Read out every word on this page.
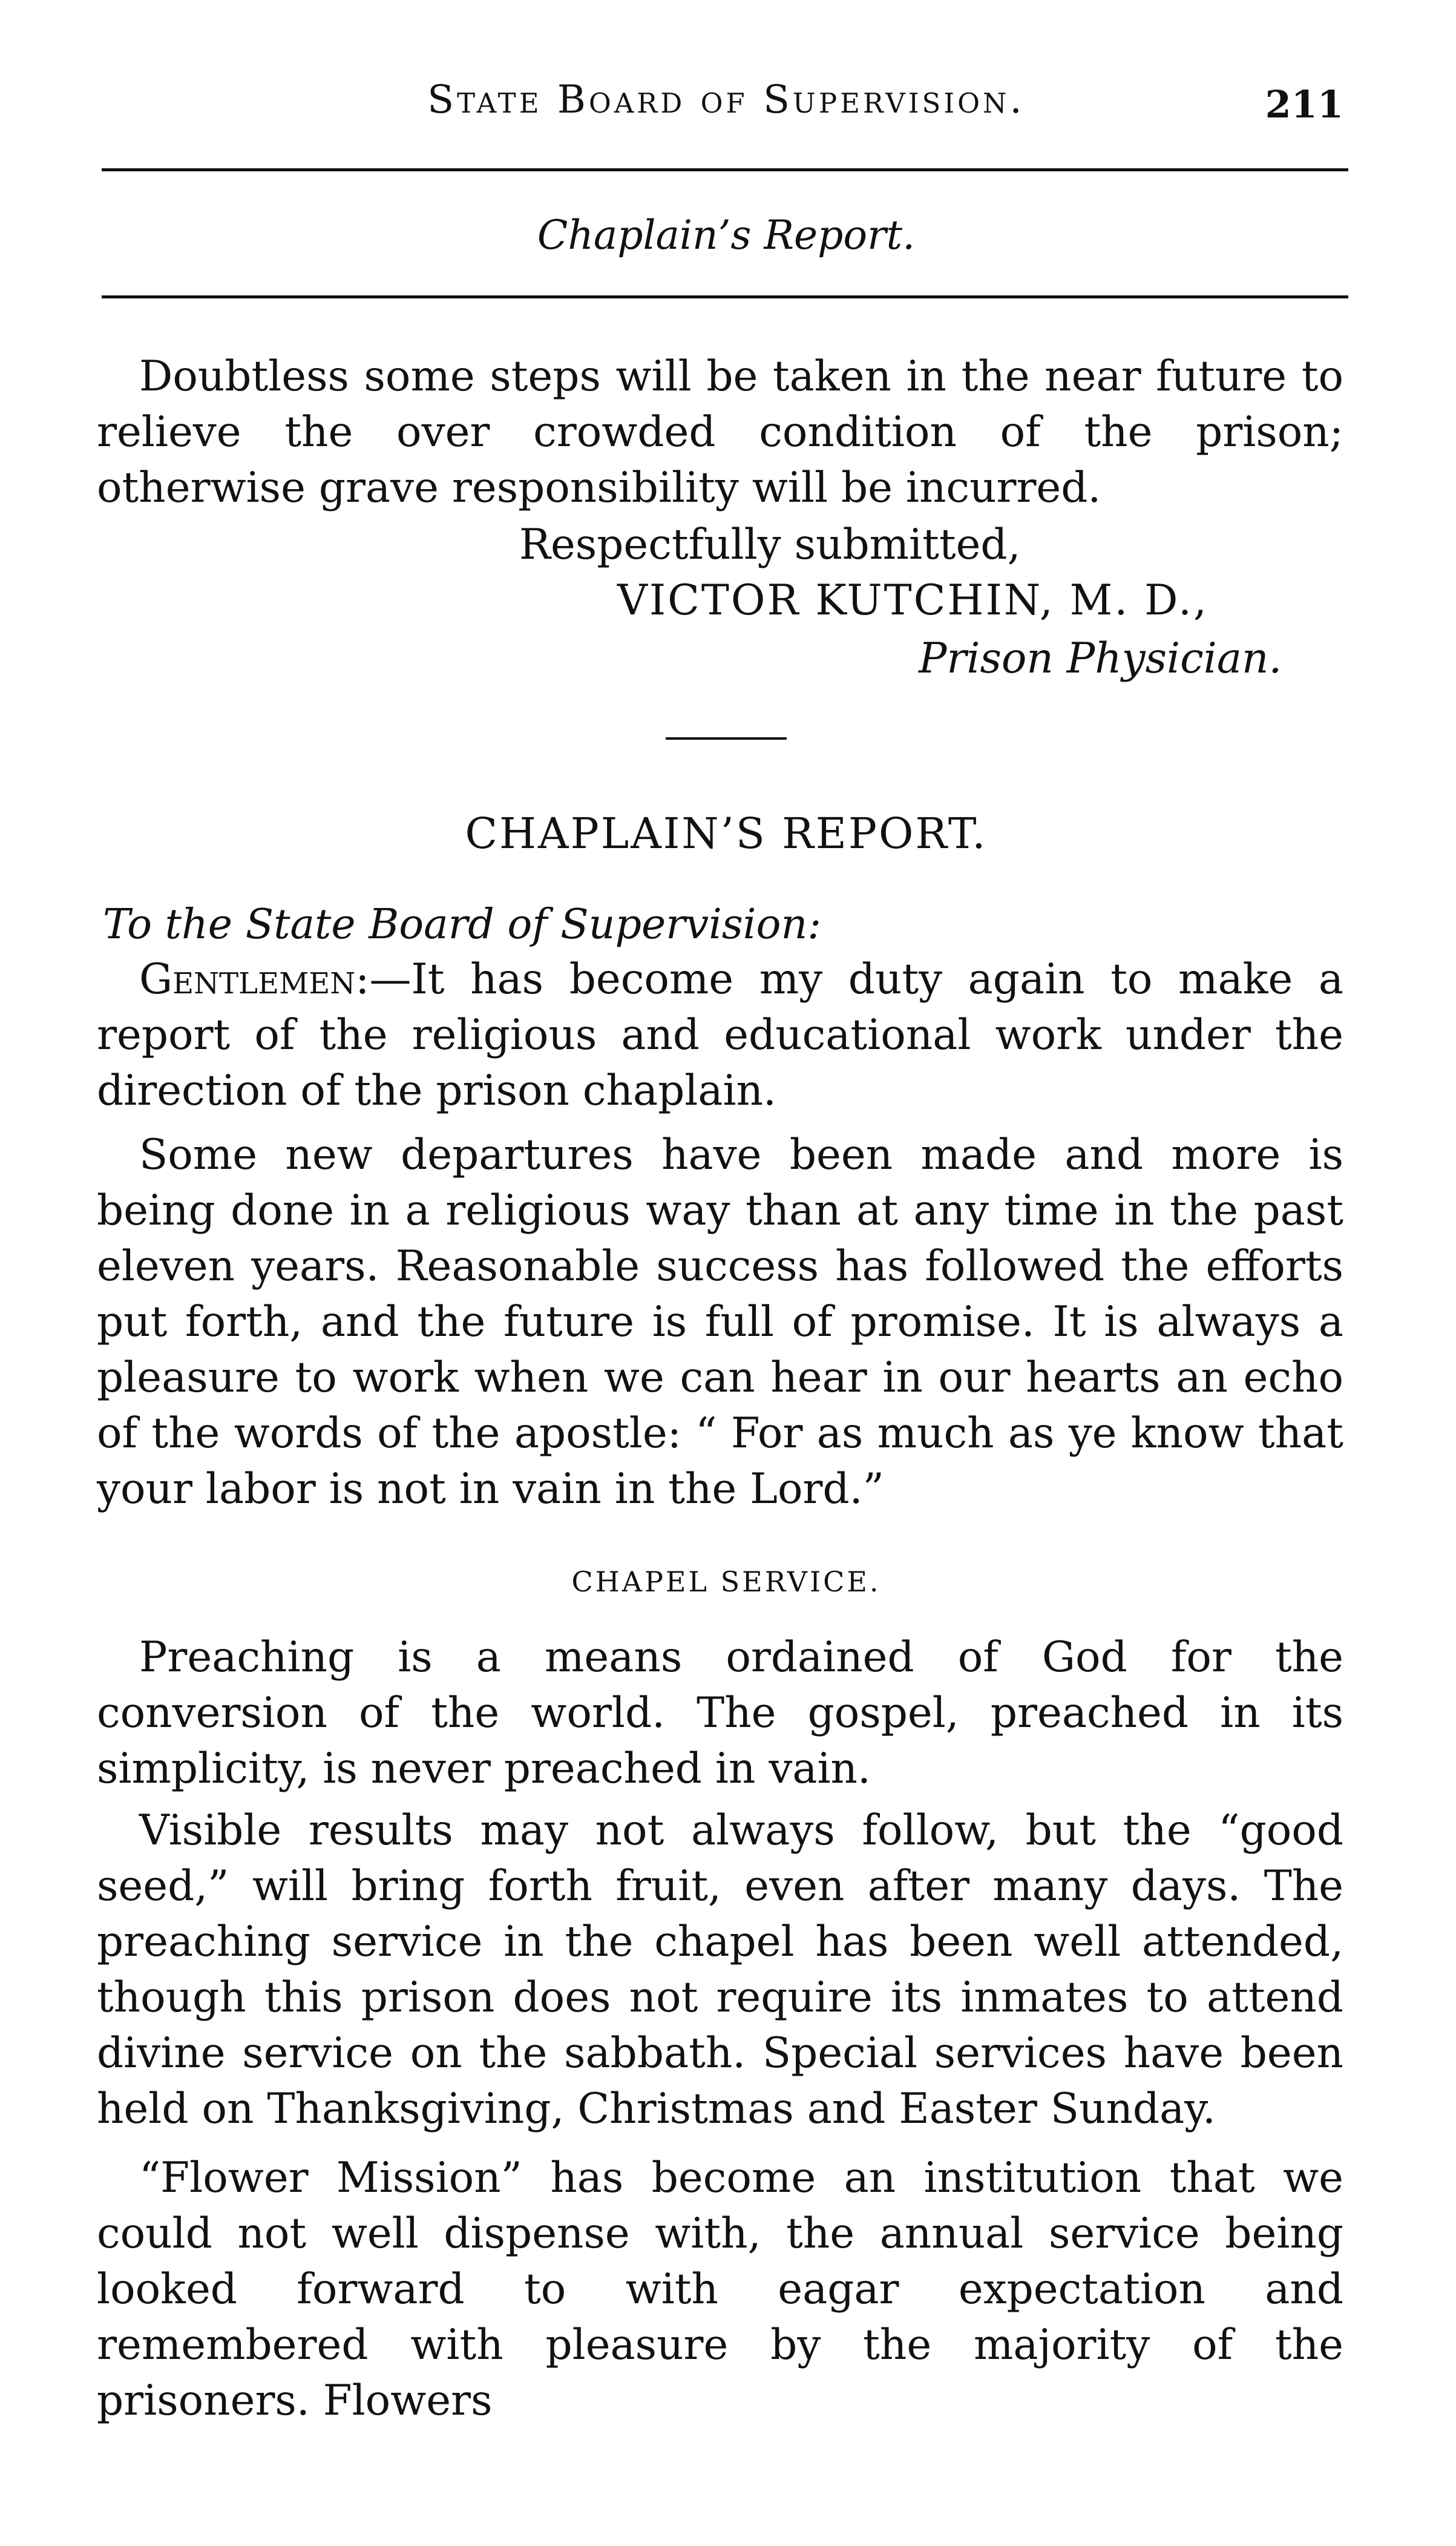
State Board of Supervision.	211
Chaplain’s Report.

Doubtless some steps will be taken in the near future to relieve the over crowded condition of the prison; otherwise grave responsibility will be incurred.

Respectfully submitted,
VICTOR KUTCHIN, M. D.,
Prison Physician.
CHAPLAIN’S REPORT.
To the State Board of Supervision:

Gentlemen:—It has become my duty again to make a report of the religious and educational work under the direction of the prison chaplain.

Some new departures have been made and more is being done in a religious way than at any time in the past eleven years. Reasonable success has followed the efforts put forth, and the future is full of promise. It is always a pleasure to work when we can hear in our hearts an echo of the words of the apostle: “ For as much as ye know that your labor is not in vain in the Lord.”

CHAPEL SERVICE.

Preaching is a means ordained of God for the conversion of the world. The gospel, preached in its simplicity, is never preached in vain.

Visible results may not always follow, but the “good seed,” will bring forth fruit, even after many days. The preaching service in the chapel has been well attended, though this prison does not require its inmates to attend divine service on the sabbath. Special services have been held on Thanksgiving, Christmas and Easter Sunday.

“Flower Mission” has become an institution that we could not well dispense with, the annual service being looked forward to with eagar expectation and remembered with pleasure by the majority of the prisoners. Flowers
